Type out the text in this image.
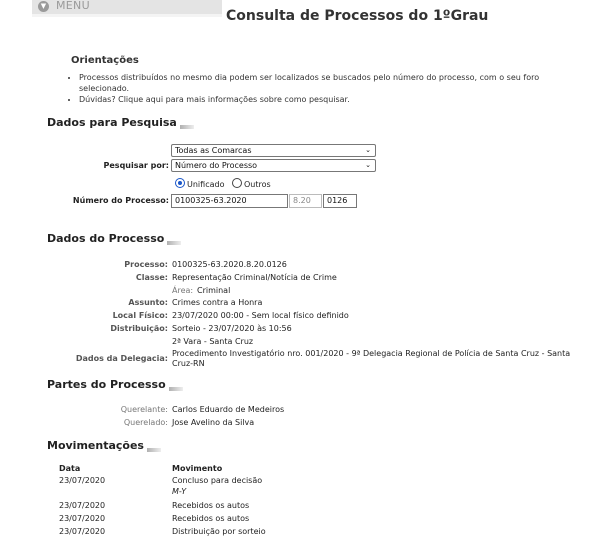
▼ MENU
Consulta de Processos do 1ºGrau
Orientações
• Processos distribuídos no mesmo dia podem ser localizados se buscados pelo número do processo, com o seu foro selecionado.
• Dúvidas? Clique aqui para mais informações sobre como pesquisar.
Dados para Pesquisa
Todas as Comarcas	⌄
Pesquisar por: Número do Processo	⌄
Unificado Outros
Número do Processo: 0100325-63.2020	8.20	0126
Dados do Processo
Processo: 0100325-63.2020.8.20.0126
Classe: Representação Criminal/Notícia de Crime
Área: Criminal
Assunto: Crimes contra a Honra
Local Físico: 23/07/2020 00:00 - Sem local físico definido
Distribuição: Sorteio - 23/07/2020 às 10:56
2ª Vara - Santa Cruz
Dados da Delegacia:
Procedimento Investigatório nro. 001/2020 - 9ª Delegacia Regional de Polícia de Santa Cruz - Santa Cruz-RN
Partes do Processo
Querelante: Carlos Eduardo de Medeiros
Querelado: Jose Avelino da Silva
Movimentações
Data	Movimento
23/07/2020	Concluso para decisão
M-Y
23/07/2020	Recebidos os autos
23/07/2020	Recebidos os autos
23/07/2020	Distribuição por sorteio
